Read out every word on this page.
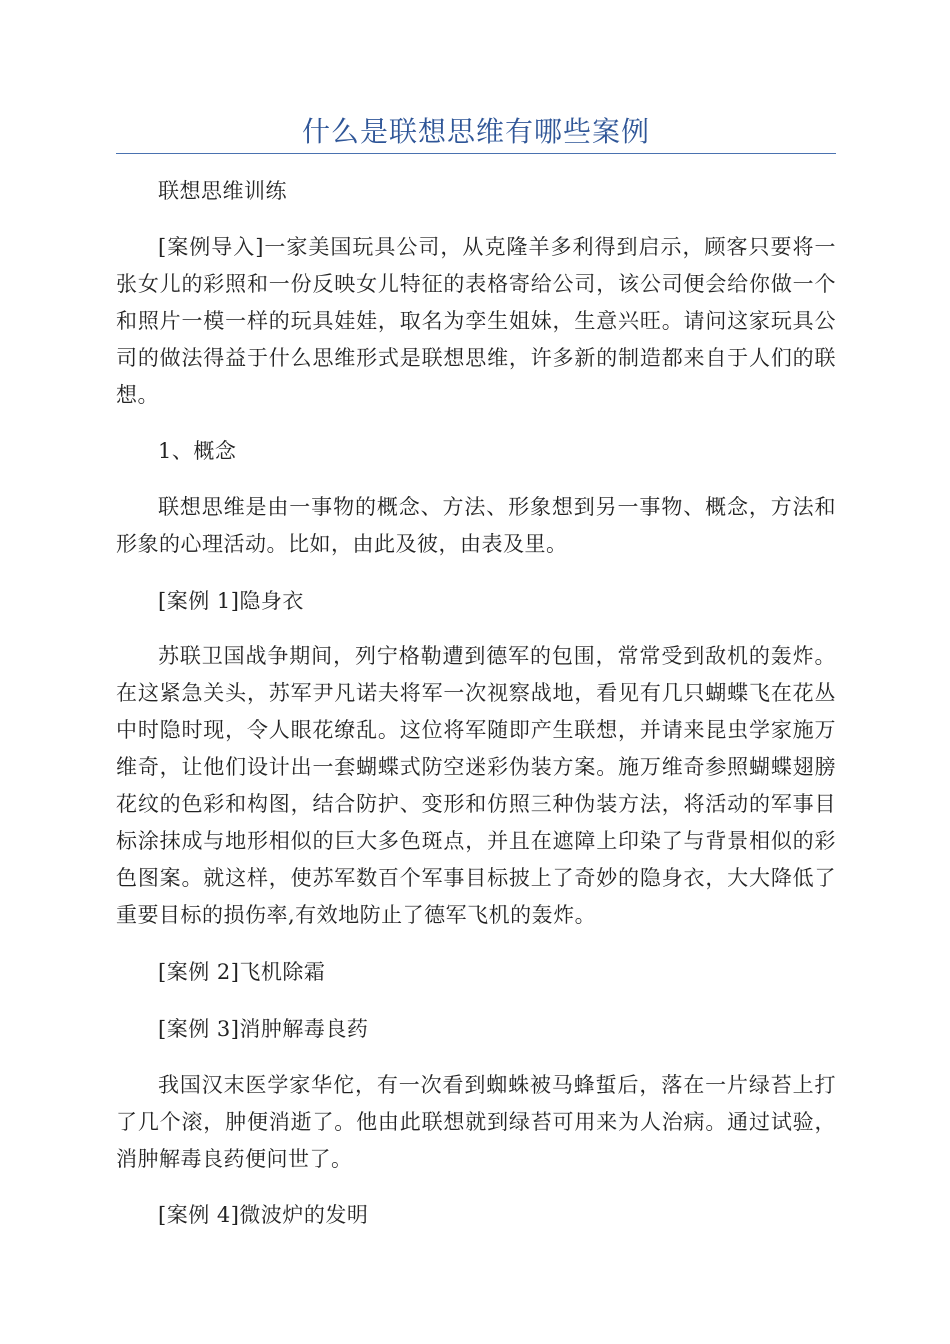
什么是联想思维有哪些案例

联想思维训练

[案例导入]一家美国玩具公司，从克隆羊多利得到启示，顾客只要将一张女儿的彩照和一份反映女儿特征的表格寄给公司，该公司便会给你做一个和照片一模一样的玩具娃娃，取名为孪生姐妹，生意兴旺。请问这家玩具公司的做法得益于什么思维形式是联想思维，许多新的制造都来自于人们的联想。

1、概念

联想思维是由一事物的概念、方法、形象想到另一事物、概念，方法和形象的心理活动。比如，由此及彼，由表及里。

[案例 1]隐身衣

苏联卫国战争期间，列宁格勒遭到德军的包围，常常受到敌机的轰炸。在这紧急关头，苏军尹凡诺夫将军一次视察战地，看见有几只蝴蝶飞在花丛中时隐时现，令人眼花缭乱。这位将军随即产生联想，并请来昆虫学家施万维奇，让他们设计出一套蝴蝶式防空迷彩伪装方案。施万维奇参照蝴蝶翅膀花纹的色彩和构图，结合防护、变形和仿照三种伪装方法，将活动的军事目标涂抹成与地形相似的巨大多色斑点，并且在遮障上印染了与背景相似的彩色图案。就这样，使苏军数百个军事目标披上了奇妙的隐身衣，大大降低了重要目标的损伤率,有效地防止了德军飞机的轰炸。

[案例 2]飞机除霜

[案例 3]消肿解毒良药

我国汉末医学家华佗，有一次看到蜘蛛被马蜂蜇后，落在一片绿苔上打了几个滚，肿便消逝了。他由此联想就到绿苔可用来为人治病。通过试验，消肿解毒良药便问世了。

[案例 4]微波炉的发明
